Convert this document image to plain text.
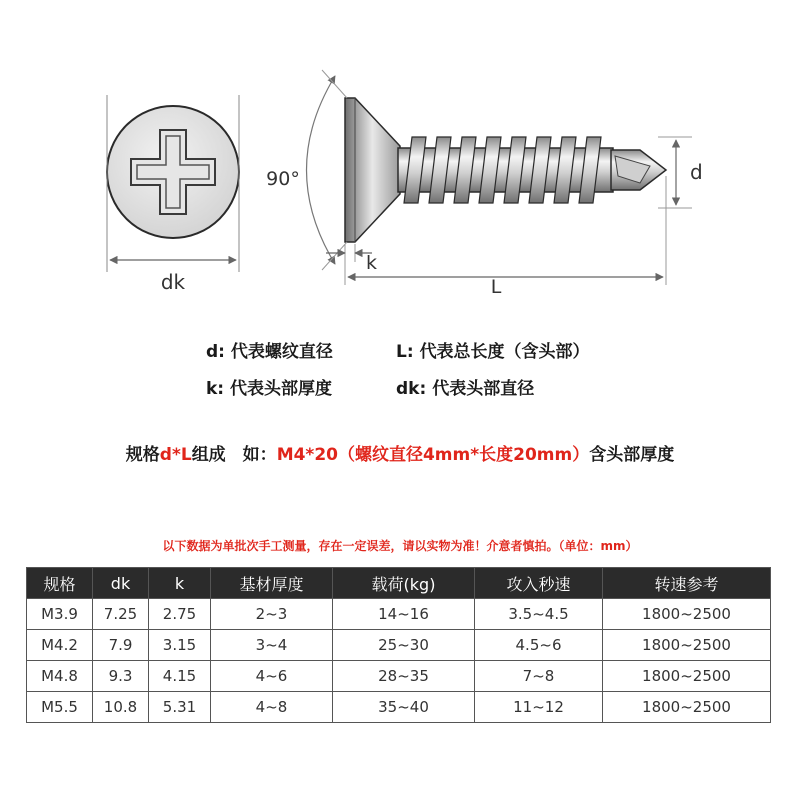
dk
90°	d
k
L
d: 代表螺纹直径	L: 代表总长度（含头部）
k: 代表头部厚度	dk: 代表头部直径
规格d*L组成　如：M4*20（螺纹直径4mm*长度20mm）含头部厚度
以下数据为单批次手工测量，存在一定误差，请以实物为准！介意者慎拍。（单位：mm）
规格	dk	k	基材厚度	载荷(kg)	攻入秒速	转速参考
M3.9	7.25	2.75	2~3	14~16	3.5~4.5	1800~2500
M4.2	7.9	3.15	3~4	25~30	4.5~6	1800~2500
M4.8	9.3	4.15	4~6	28~35	7~8	1800~2500
M5.5	10.8	5.31	4~8	35~40	11~12	1800~2500
